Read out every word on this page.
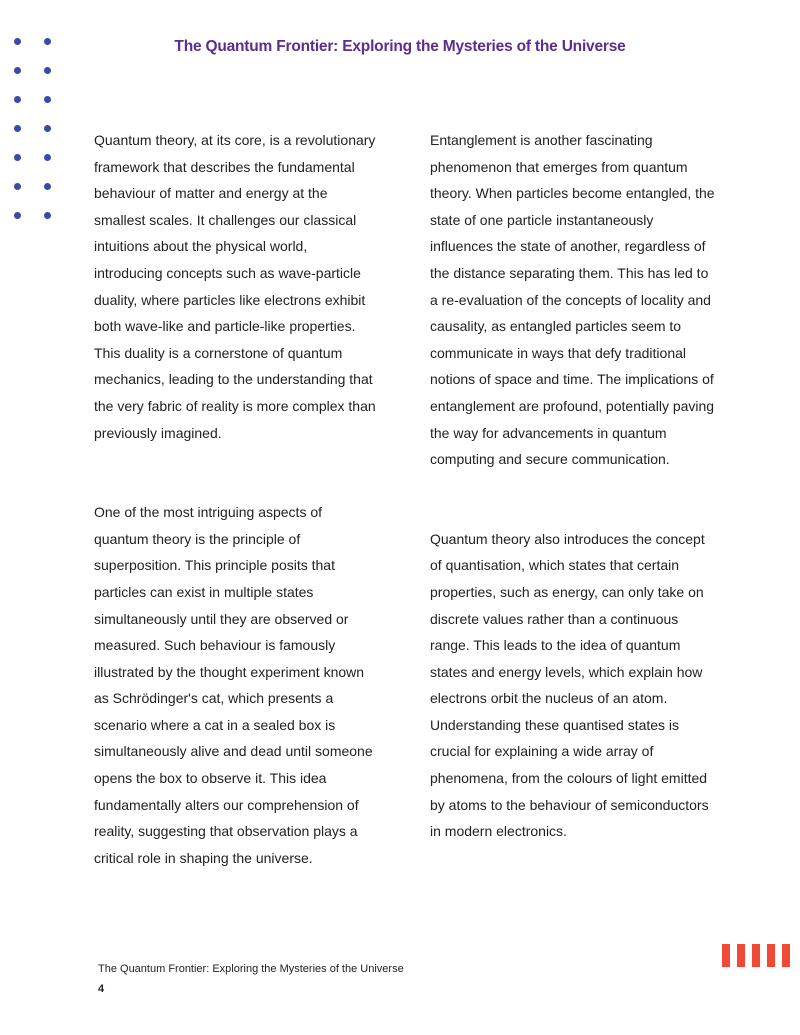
The Quantum Frontier: Exploring the Mysteries of the Universe

Quantum theory, at its core, is a revolutionary framework that describes the fundamental behaviour of matter and energy at the smallest scales. It challenges our classical intuitions about the physical world, introducing concepts such as wave-particle duality, where particles like electrons exhibit both wave-like and particle-like properties. This duality is a cornerstone of quantum mechanics, leading to the understanding that the very fabric of reality is more complex than previously imagined.

One of the most intriguing aspects of quantum theory is the principle of superposition. This principle posits that particles can exist in multiple states simultaneously until they are observed or measured. Such behaviour is famously illustrated by the thought experiment known as Schrödinger's cat, which presents a scenario where a cat in a sealed box is simultaneously alive and dead until someone opens the box to observe it. This idea fundamentally alters our comprehension of reality, suggesting that observation plays a critical role in shaping the universe.

Entanglement is another fascinating phenomenon that emerges from quantum theory. When particles become entangled, the state of one particle instantaneously influences the state of another, regardless of the distance separating them. This has led to a re-evaluation of the concepts of locality and causality, as entangled particles seem to communicate in ways that defy traditional notions of space and time. The implications of entanglement are profound, potentially paving the way for advancements in quantum computing and secure communication.

Quantum theory also introduces the concept of quantisation, which states that certain properties, such as energy, can only take on discrete values rather than a continuous range. This leads to the idea of quantum states and energy levels, which explain how electrons orbit the nucleus of an atom. Understanding these quantised states is crucial for explaining a wide array of phenomena, from the colours of light emitted by atoms to the behaviour of semiconductors in modern electronics.

The Quantum Frontier: Exploring the Mysteries of the Universe
4
